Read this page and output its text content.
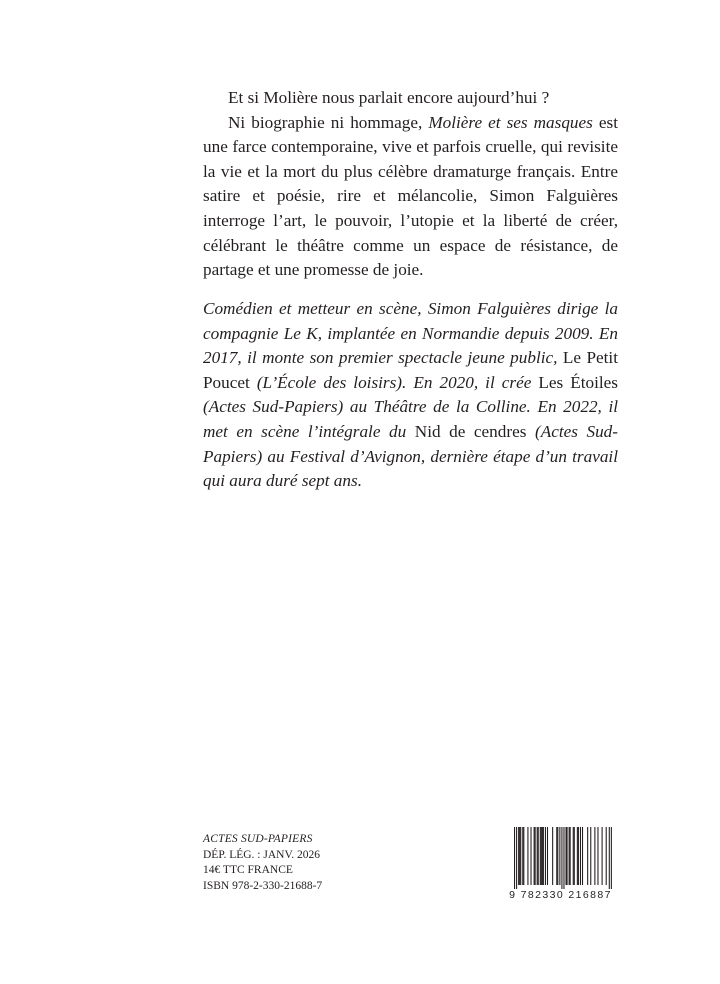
Et si Molière nous parlait encore aujourd’hui ?

Ni biographie ni hommage, Molière et ses masques est une farce contemporaine, vive et parfois cruelle, qui revisite la vie et la mort du plus célèbre dramaturge français. Entre satire et poésie, rire et mélancolie, Simon Falguières interroge l’art, le pouvoir, l’utopie et la liberté de créer, célébrant le théâtre comme un espace de résistance, de partage et une promesse de joie.

Comédien et metteur en scène, Simon Falguières dirige la compagnie Le K, implantée en Normandie depuis 2009. En 2017, il monte son premier spectacle jeune public, Le Petit Poucet (L’École des loisirs). En 2020, il crée Les Étoiles (Actes Sud-Papiers) au Théâtre de la Colline. En 2022, il met en scène l’intégrale du Nid de cendres (Actes Sud-Papiers) au Festival d’Avignon, dernière étape d’un travail qui aura duré sept ans.
ACTES SUD-PAPIERS
DÉP. LÉG. : JANV. 2026
14€ TTC FRANCE
ISBN 978-2-330-21688-7
9 782330 216887
